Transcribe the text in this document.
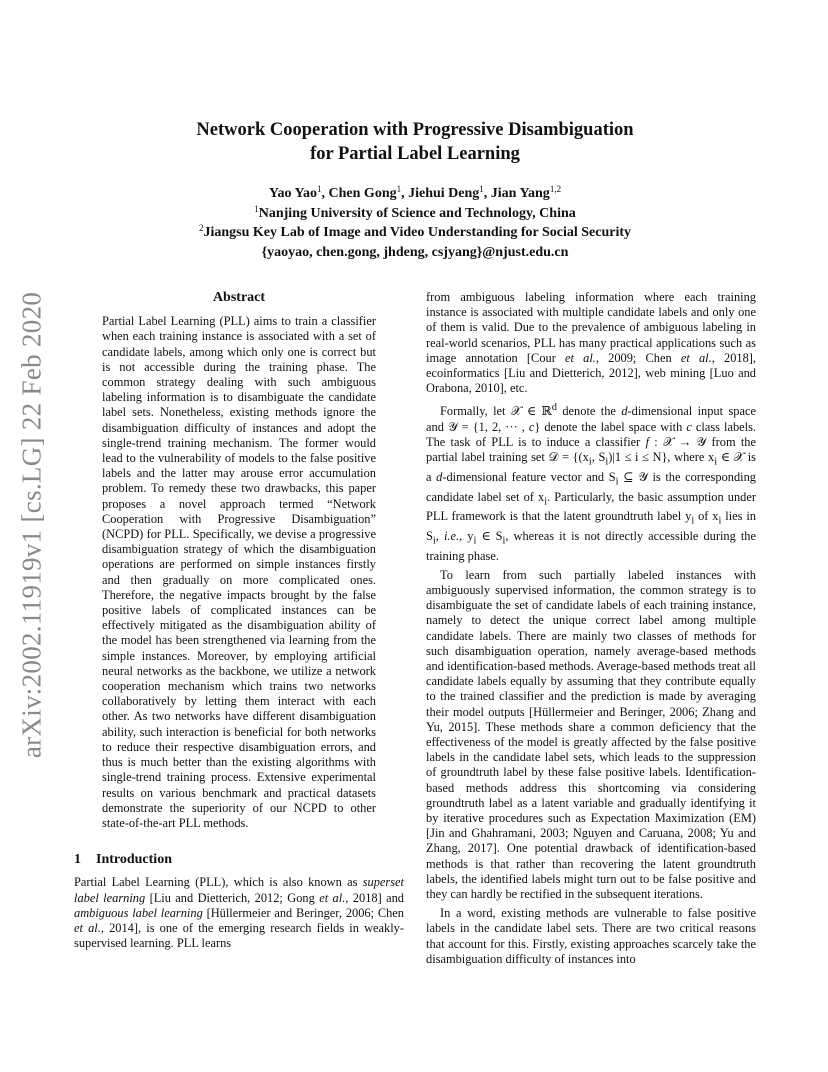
arXiv:2002.11919v1 [cs.LG] 22 Feb 2020
Network Cooperation with Progressive Disambiguation
for Partial Label Learning
Yao Yao$^1$, Chen Gong$^1$, Jiehui Deng$^1$, Jian Yang$^{1,2}$
$^1$Nanjing University of Science and Technology, China
$^2$Jiangsu Key Lab of Image and Video Understanding for Social Security
{yaoyao, chen.gong, jhdeng, csjyang}@njust.edu.cn
Abstract

Partial Label Learning (PLL) aims to train a classifier when each training instance is associated with a set of candidate labels, among which only one is correct but is not accessible during the training phase. The common strategy dealing with such ambiguous labeling information is to disambiguate the candidate label sets. Nonetheless, existing methods ignore the disambiguation difficulty of instances and adopt the single-trend training mechanism. The former would lead to the vulnerability of models to the false positive labels and the latter may arouse error accumulation problem. To remedy these two drawbacks, this paper proposes a novel approach termed “Network Cooperation with Progressive Disambiguation” (NCPD) for PLL. Specifically, we devise a progressive disambiguation strategy of which the disambiguation operations are performed on simple instances firstly and then gradually on more complicated ones. Therefore, the negative impacts brought by the false positive labels of complicated instances can be effectively mitigated as the disambiguation ability of the model has been strengthened via learning from the simple instances. Moreover, by employing artificial neural networks as the backbone, we utilize a network cooperation mechanism which trains two networks collaboratively by letting them interact with each other. As two networks have different disambiguation ability, such interaction is beneficial for both networks to reduce their respective disambiguation errors, and thus is much better than the existing algorithms with single-trend training process. Extensive experimental results on various benchmark and practical datasets demonstrate the superiority of our NCPD to other state-of-the-art PLL methods.

1 Introduction

Partial Label Learning (PLL), which is also known as superset label learning [Liu and Dietterich, 2012; Gong et al., 2018] and ambiguous label learning [Hüllermeier and Beringer, 2006; Chen et al., 2014], is one of the emerging research fields in weakly-supervised learning. PLL learns

from ambiguous labeling information where each training instance is associated with multiple candidate labels and only one of them is valid. Due to the prevalence of ambiguous labeling in real-world scenarios, PLL has many practical applications such as image annotation [Cour et al., 2009; Chen et al., 2018], ecoinformatics [Liu and Dietterich, 2012], web mining [Luo and Orabona, 2010], etc.

Formally, let 𝒳 ∈ ℝ$^d$ denote the d-dimensional input space and 𝒴 = {1, 2, ··· , c} denote the label space with c class labels. The task of PLL is to induce a classifier f : 𝒳 → 𝒴 from the partial label training set 𝒟 = {($x_i$, $S_i)|1 \le i \le N$}, where $x_i$ ∈ 𝒳 is a d-dimensional feature vector and $S_i$ ⊆ 𝒴 is the corresponding candidate label set of $x_i$. Particularly, the basic assumption under PLL framework is that the latent groundtruth label $y_i$ of $x_i$ lies in $S_i$, i.e., $y_i$ ∈ $S_i$, whereas it is not directly accessible during the training phase.

To learn from such partially labeled instances with ambiguously supervised information, the common strategy is to disambiguate the set of candidate labels of each training instance, namely to detect the unique correct label among multiple candidate labels. There are mainly two classes of methods for such disambiguation operation, namely average-based methods and identification-based methods. Average-based methods treat all candidate labels equally by assuming that they contribute equally to the trained classifier and the prediction is made by averaging their model outputs [Hüllermeier and Beringer, 2006; Zhang and Yu, 2015]. These methods share a common deficiency that the effectiveness of the model is greatly affected by the false positive labels in the candidate label sets, which leads to the suppression of groundtruth label by these false positive labels. Identification-based methods address this shortcoming via considering groundtruth label as a latent variable and gradually identifying it by iterative procedures such as Expectation Maximization (EM) [Jin and Ghahramani, 2003; Nguyen and Caruana, 2008; Yu and Zhang, 2017]. One potential drawback of identification-based methods is that rather than recovering the latent groundtruth labels, the identified labels might turn out to be false positive and they can hardly be rectified in the subsequent iterations.

In a word, existing methods are vulnerable to false positive labels in the candidate label sets. There are two critical reasons that account for this. Firstly, existing approaches scarcely take the disambiguation difficulty of instances into
